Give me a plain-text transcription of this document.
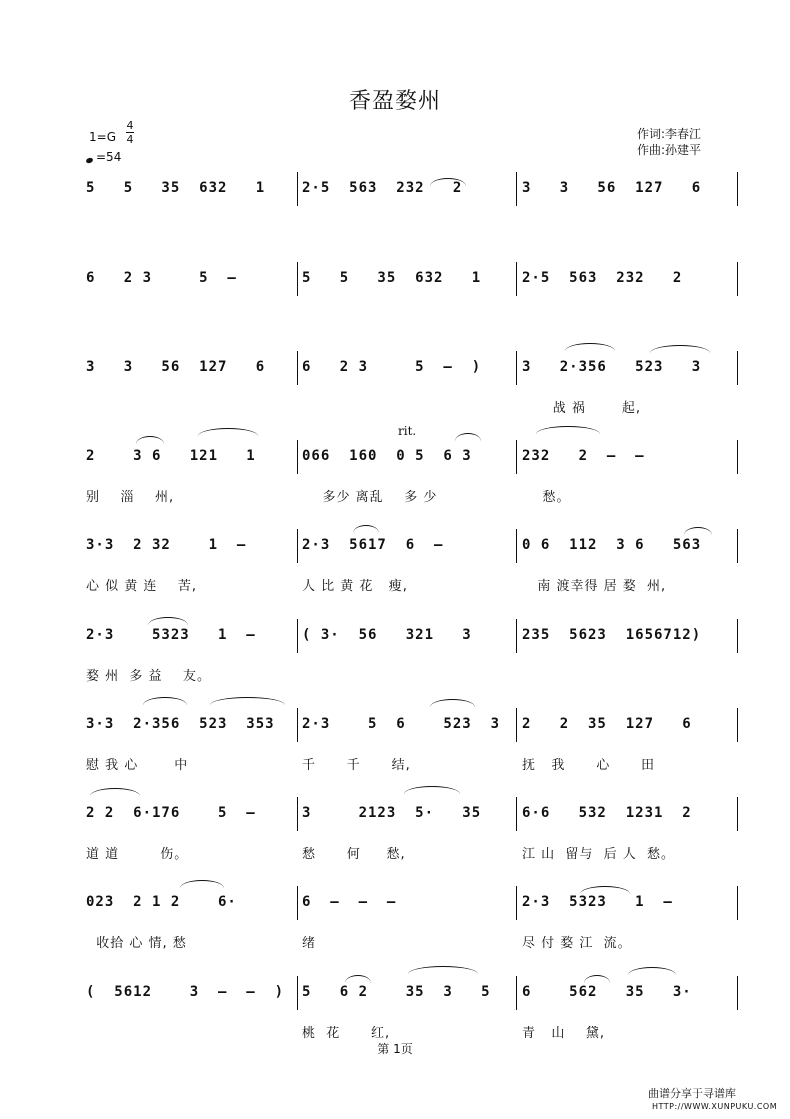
香盈婺州
1=G
4
4
=54
作词:李春江
作曲:孙建平
rit.
5   5   35  632   1	2·5  563  232   2	3   3   56  127   6
6   2 3     5  –	5   5   35  632   1	2·5  563  232   2
3   3   56  127   6	6   2 3     5  –  )	3   2·356   523   3
战 祸       起,
2    3 6   121   1
别    淄    州,
066  160  0 5  6 3
多少 离乱    多 少
232   2  –  –
愁。
3·3  2 32    1  –
心 似 黄 连    苦,
2·3  5617  6  –
人 比 黄 花   瘦,
0 6  112  3 6   563
南 渡幸得 居 婺  州,
2·3    5323   1  –
婺 州  多 益    友。
( 3·  56   321   3	235  5623  1656712)
3·3  2·356  523  353
慰 我 心       中
2·3    5  6    523  3
千      千      结,
2   2  35  127   6
抚   我      心      田
2 2  6·176    5  –
道 道        伤。
3     2123  5·   35
愁      何     愁,
6·6   532  1231  2
江 山  留与  后 人  愁。
023  2 1 2    6·
收拾 心 情, 愁
6  –  –  –
绪
2·3  5323   1  –
尽 付 婺 江  流。
(  5612    3  –  –  ) 5   6 2    35  3   5
桃  花      红,
6    562   35   3·
青   山    黛,
第 1页
曲谱分享于寻谱库
HTTP://WWW.XUNPUKU.COM
